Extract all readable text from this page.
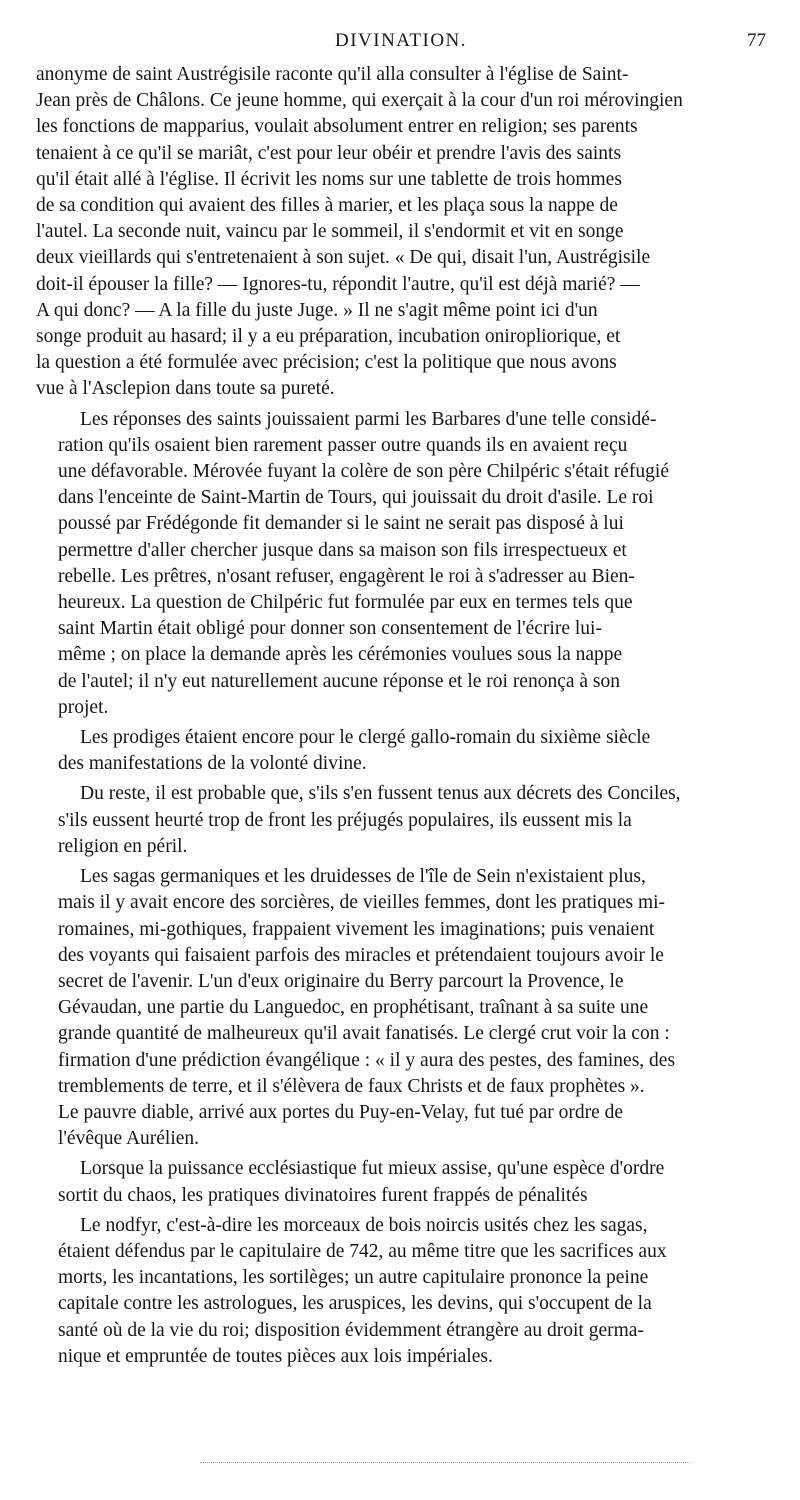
DIVINATION.	77
anonyme de saint Austrégisile raconte qu'il alla consulter à l'église de Saint-
Jean près de Châlons. Ce jeune homme, qui exerçait à la cour d'un roi mérovingien
les fonctions de mapparius, voulait absolument entrer en religion; ses parents
tenaient à ce qu'il se mariât, c'est pour leur obéir et prendre l'avis des saints
qu'il était allé à l'église. Il écrivit les noms sur une tablette de trois hommes
de sa condition qui avaient des filles à marier, et les plaça sous la nappe de
l'autel. La seconde nuit, vaincu par le sommeil, il s'endormit et vit en songe
deux vieillards qui s'entretenaient à son sujet. « De qui, disait l'un, Austrégisile
doit-il épouser la fille? — Ignores-tu, répondit l'autre, qu'il est déjà marié? —
A qui donc? — A la fille du juste Juge. » Il ne s'agit même point ici d'un
songe produit au hasard; il y a eu préparation, incubation oniropliorique, et
la question a été formulée avec précision; c'est la politique que nous avons
vue à l'Asclepion dans toute sa pureté.
Les réponses des saints jouissaient parmi les Barbares d'une telle considé-
ration qu'ils osaient bien rarement passer outre quands ils en avaient reçu
une défavorable. Mérovée fuyant la colère de son père Chilpéric s'était réfugié
dans l'enceinte de Saint-Martin de Tours, qui jouissait du droit d'asile. Le roi
poussé par Frédégonde fit demander si le saint ne serait pas disposé à lui
permettre d'aller chercher jusque dans sa maison son fils irrespectueux et
rebelle. Les prêtres, n'osant refuser, engagèrent le roi à s'adresser au Bien-
heureux. La question de Chilpéric fut formulée par eux en termes tels que
saint Martin était obligé pour donner son consentement de l'écrire lui-
même ; on place la demande après les cérémonies voulues sous la nappe
de l'autel; il n'y eut naturellement aucune réponse et le roi renonça à son
projet.
Les prodiges étaient encore pour le clergé gallo-romain du sixième siècle
des manifestations de la volonté divine.
Du reste, il est probable que, s'ils s'en fussent tenus aux décrets des Conciles,
s'ils eussent heurté trop de front les préjugés populaires, ils eussent mis la
religion en péril.
Les sagas germaniques et les druidesses de l'île de Sein n'existaient plus,
mais il y avait encore des sorcières, de vieilles femmes, dont les pratiques mi-
romaines, mi-gothiques, frappaient vivement les imaginations; puis venaient
des voyants qui faisaient parfois des miracles et prétendaient toujours avoir le
secret de l'avenir. L'un d'eux originaire du Berry parcourt la Provence, le
Gévaudan, une partie du Languedoc, en prophétisant, traînant à sa suite une
grande quantité de malheureux qu'il avait fanatisés. Le clergé crut voir la con :
firmation d'une prédiction évangélique : « il y aura des pestes, des famines, des
tremblements de terre, et il s'élèvera de faux Christs et de faux prophètes ».
Le pauvre diable, arrivé aux portes du Puy-en-Velay, fut tué par ordre de
l'évêque Aurélien.
Lorsque la puissance ecclésiastique fut mieux assise, qu'une espèce d'ordre
sortit du chaos, les pratiques divinatoires furent frappés de pénalités
Le nodfyr, c'est-à-dire les morceaux de bois noircis usités chez les sagas,
étaient défendus par le capitulaire de 742, au même titre que les sacrifices aux
morts, les incantations, les sortilèges; un autre capitulaire prononce la peine
capitale contre les astrologues, les aruspices, les devins, qui s'occupent de la
santé où de la vie du roi; disposition évidemment étrangère au droit germa-
nique et empruntée de toutes pièces aux lois impériales.
